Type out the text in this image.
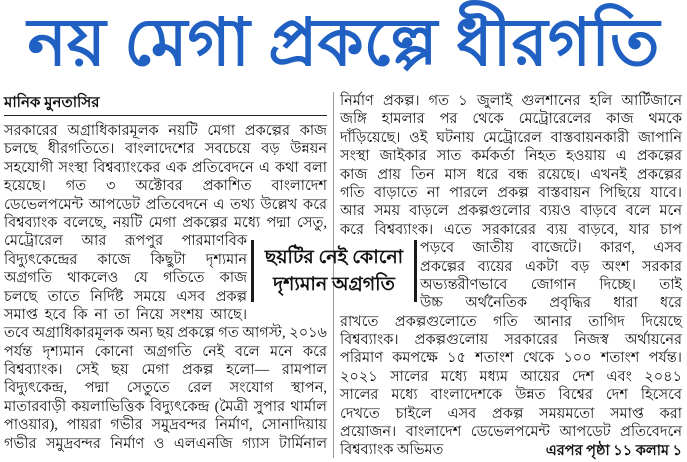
নয় মেগা প্রকল্পে ধীরগতি
মানিক মুনতাসির
সরকারের অগ্রাধিকারমূলক নয়টি মেগা প্রকল্পের কাজ
চলছে ধীরগতিতে। বাংলাদেশের সবচেয়ে বড় উন্নয়ন
সহযোগী সংস্থা বিশ্বব্যাংকের এক প্রতিবেদনে এ কথা বলা
হয়েছে। গত ৩ অক্টোবর প্রকাশিত বাংলাদেশ
ডেভেলপমেন্ট আপডেট প্রতিবেদনে এ তথ্য উল্লেখ করে
বিশ্বব্যাংক বলেছে, নয়টি মেগা প্রকল্পের মধ্যে পদ্মা সেতু,
মেট্রোরেল আর রূপপুর পারমাণবিক
বিদ্যুৎকেন্দ্রের কাজে কিছুটা দৃশ্যমান
অগ্রগতি থাকলেও যে গতিতে কাজ
চলছে তাতে নির্দিষ্ট সময়ে এসব প্রকল্প
সমাপ্ত হবে কি না তা নিয়ে সংশয় আছে।
তবে অগ্রাধিকারমূলক অন্য ছয় প্রকল্পে গত আগস্ট, ২০১৬
পর্যন্ত দৃশ্যমান কোনো অগ্রগতি নেই বলে মনে করে
বিশ্বব্যাংক। সেই ছয় মেগা প্রকল্প হলো— রামপাল
বিদ্যুৎকেন্দ্র, পদ্মা সেতুতে রেল সংযোগ স্থাপন,
মাতারবাড়ী কয়লাভিত্তিক বিদ্যুৎকেন্দ্র (মৈত্রী সুপার থার্মাল
পাওয়ার), পায়রা গভীর সমুদ্রবন্দর নির্মাণ, সোনাদিয়ায়
গভীর সমুদ্রবন্দর নির্মাণ ও এলএনজি গ্যাস টার্মিনাল
নির্মাণ প্রকল্প। গত ১ জুলাই গুলশানের হলি আর্টিজানে
জঙ্গি হামলার পর থেকে মেট্রোরেলের কাজ থমকে
দাঁড়িয়েছে। ওই ঘটনায় মেট্রোরেল বাস্তবায়নকারী জাপানি
সংস্থা জাইকার সাত কর্মকর্তা নিহত হওয়ায় এ প্রকল্পের
কাজ প্রায় তিন মাস ধরে বন্ধ রয়েছে। এখনই প্রকল্পের
গতি বাড়াতে না পারলে প্রকল্প বাস্তবায়ন পিছিয়ে যাবে।
আর সময় বাড়লে প্রকল্পগুলোর ব্যয়ও বাড়বে বলে মনে
করে বিশ্বব্যাংক। এতে সরকারের ব্যয় বাড়বে, যার চাপ
পড়বে জাতীয় বাজেটে। কারণ, এসব
প্রকল্পের ব্যয়ের একটা বড় অংশ সরকার
অভ্যন্তরীণভাবে জোগান দিচ্ছে। তাই
উচ্চ অর্থনৈতিক প্রবৃদ্ধির ধারা ধরে
রাখতে প্রকল্পগুলোতে গতি আনার তাগিদ দিয়েছে
বিশ্বব্যাংক। প্রকল্পগুলোয় সরকারের নিজস্ব অর্থায়নের
পরিমাণ কমপক্ষে ১৫ শতাংশ থেকে ১০০ শতাংশ পর্যন্ত।
২০২১ সালের মধ্যে মধ্যম আয়ের দেশ এবং ২০৪১
সালের মধ্যে বাংলাদেশকে উন্নত বিশ্বের দেশ হিসেবে
দেখতে চাইলে এসব প্রকল্প সময়মতো সমাপ্ত করা
প্রয়োজন। বাংলাদেশ ডেভেলপমেন্ট আপডেট প্রতিবেদনে
বিশ্বব্যাংক অভিমত
ছয়টির নেই কোনো
দৃশ্যমান অগ্রগতি
এরপর পৃষ্ঠা ১১ কলাম ১
